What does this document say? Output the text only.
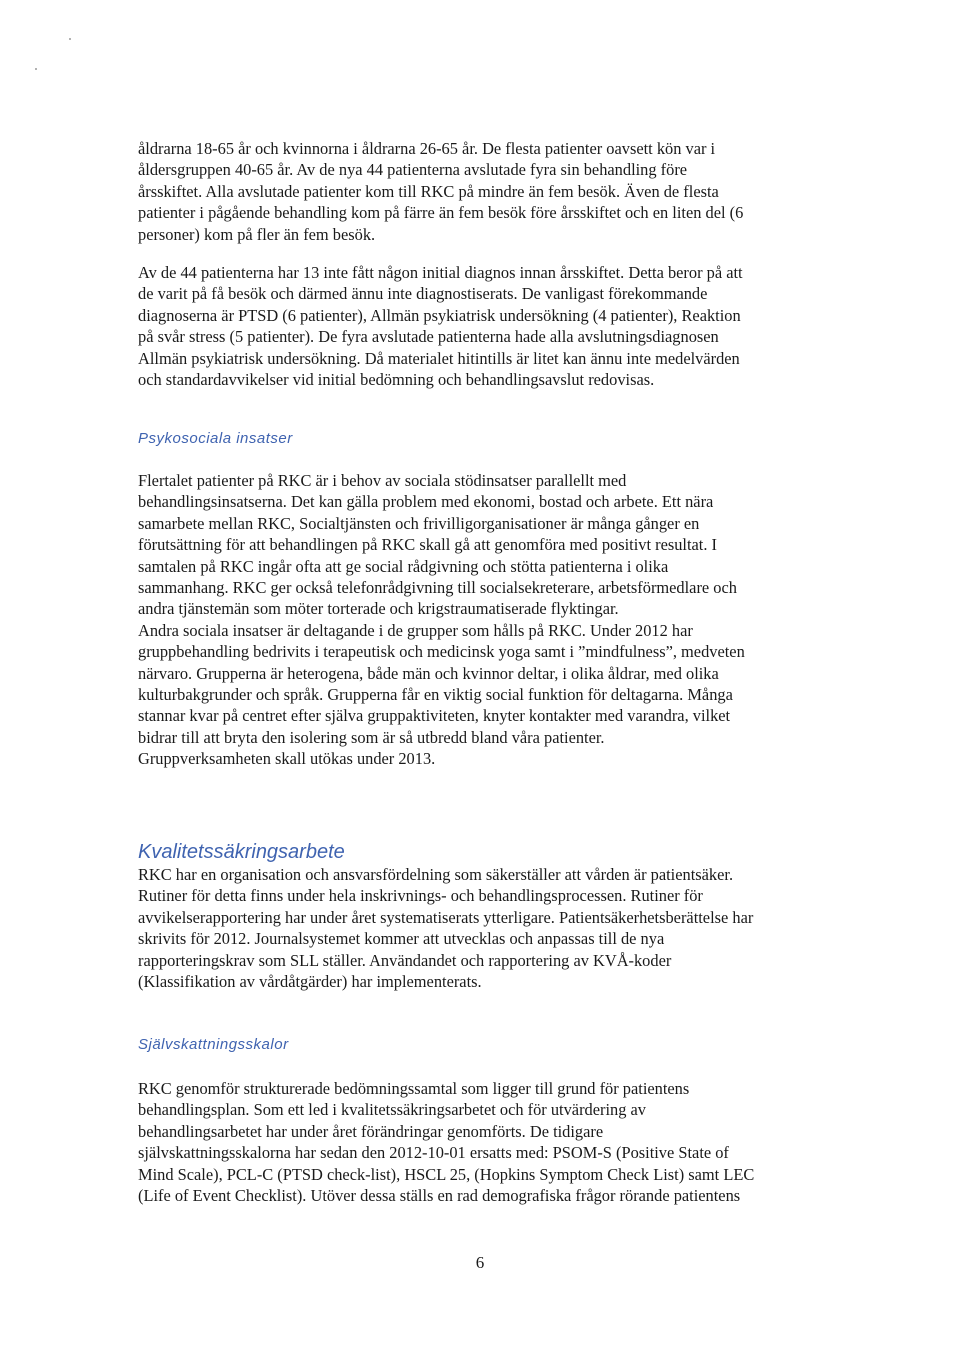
åldrarna 18-65 år och kvinnorna i åldrarna 26-65 år. De flesta patienter oavsett kön var i
åldersgruppen 40-65 år. Av de nya 44 patienterna avslutade fyra sin behandling före
årsskiftet. Alla avslutade patienter kom till RKC på mindre än fem besök. Även de flesta
patienter i pågående behandling kom på färre än fem besök före årsskiftet och en liten del (6
personer) kom på fler än fem besök.
Av de 44 patienterna har 13 inte fått någon initial diagnos innan årsskiftet. Detta beror på att
de varit på få besök och därmed ännu inte diagnostiserats. De vanligast förekommande
diagnoserna är PTSD (6 patienter), Allmän psykiatrisk undersökning (4 patienter), Reaktion
på svår stress (5 patienter). De fyra avslutade patienterna hade alla avslutningsdiagnosen
Allmän psykiatrisk undersökning. Då materialet hitintills är litet kan ännu inte medelvärden
och standardavvikelser vid initial bedömning och behandlingsavslut redovisas.
Psykosociala insatser
Flertalet patienter på RKC är i behov av sociala stödinsatser parallellt med
behandlingsinsatserna. Det kan gälla problem med ekonomi, bostad och arbete. Ett nära
samarbete mellan RKC, Socialtjänsten och frivilligorganisationer är många gånger en
förutsättning för att behandlingen på RKC skall gå att genomföra med positivt resultat. I
samtalen på RKC ingår ofta att ge social rådgivning och stötta patienterna i olika
sammanhang. RKC ger också telefonrådgivning till socialsekreterare, arbetsförmedlare och
andra tjänstemän som möter torterade och krigstraumatiserade flyktingar.
Andra sociala insatser är deltagande i de grupper som hålls på RKC. Under 2012 har
gruppbehandling bedrivits i terapeutisk och medicinsk yoga samt i ”mindfulness”, medveten
närvaro. Grupperna är heterogena, både män och kvinnor deltar, i olika åldrar, med olika
kulturbakgrunder och språk. Grupperna får en viktig social funktion för deltagarna. Många
stannar kvar på centret efter själva gruppaktiviteten, knyter kontakter med varandra, vilket
bidrar till att bryta den isolering som är så utbredd bland våra patienter.
Gruppverksamheten skall utökas under 2013.
Kvalitetssäkringsarbete
RKC har en organisation och ansvarsfördelning som säkerställer att vården är patientsäker.
Rutiner för detta finns under hela inskrivnings- och behandlingsprocessen. Rutiner för
avvikelserapportering har under året systematiserats ytterligare. Patientsäkerhetsberättelse har
skrivits för 2012. Journalsystemet kommer att utvecklas och anpassas till de nya
rapporteringskrav som SLL ställer. Användandet och rapportering av KVÅ-koder
(Klassifikation av vårdåtgärder) har implementerats.
Självskattningsskalor
RKC genomför strukturerade bedömningssamtal som ligger till grund för patientens
behandlingsplan. Som ett led i kvalitetssäkringsarbetet och för utvärdering av
behandlingsarbetet har under året förändringar genomförts. De tidigare
självskattningsskalorna har sedan den 2012-10-01 ersatts med: PSOM-S (Positive State of
Mind Scale), PCL-C (PTSD check-list), HSCL 25, (Hopkins Symptom Check List) samt LEC
(Life of Event Checklist). Utöver dessa ställs en rad demografiska frågor rörande patientens
6
